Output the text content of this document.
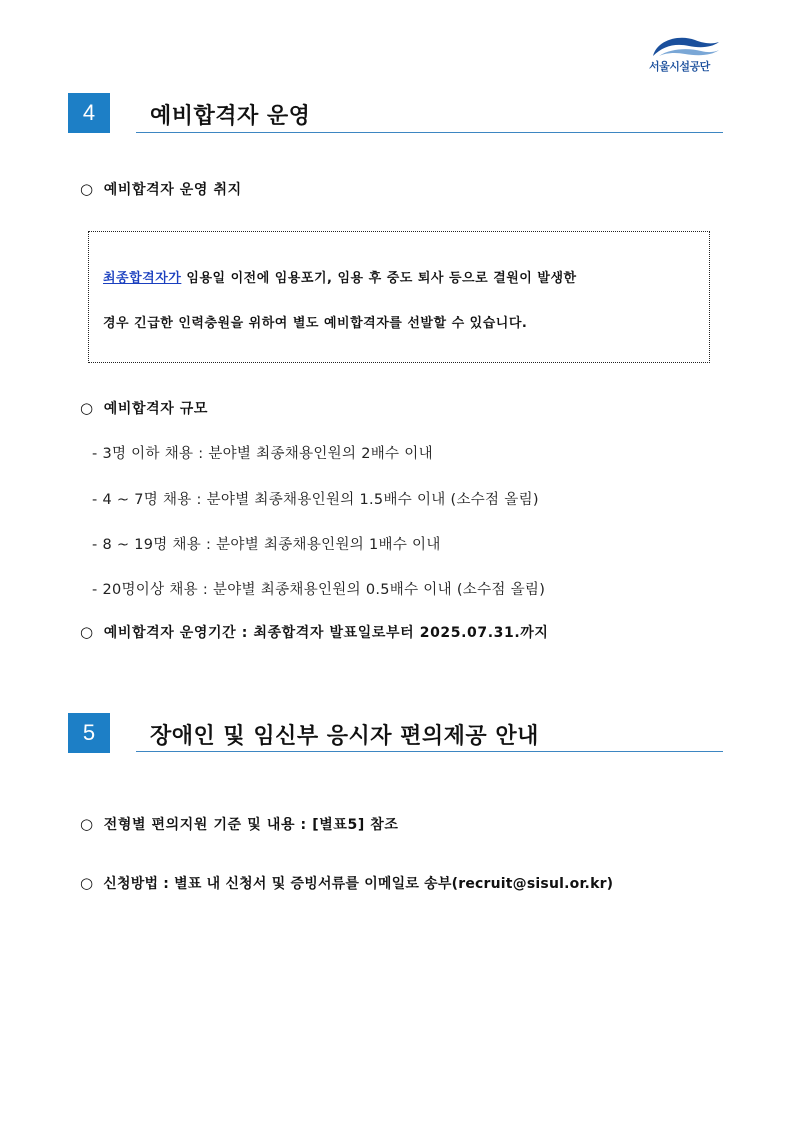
서울시설공단
4	예비합격자 운영
○ 예비합격자 운영 취지
최종합격자가 임용일 이전에 임용포기, 임용 후 중도 퇴사 등으로 결원이 발생한
경우 긴급한 인력충원을 위하여 별도 예비합격자를 선발할 수 있습니다.
○ 예비합격자 규모
- 3명 이하 채용 : 분야별 최종채용인원의 2배수 이내
- 4 ~ 7명 채용 : 분야별 최종채용인원의 1.5배수 이내 (소수점 올림)
- 8 ~ 19명 채용 : 분야별 최종채용인원의 1배수 이내
- 20명이상 채용 : 분야별 최종채용인원의 0.5배수 이내 (소수점 올림)
○ 예비합격자 운영기간 : 최종합격자 발표일로부터 2025.07.31.까지
5	장애인 및 임신부 응시자 편의제공 안내
○ 전형별 편의지원 기준 및 내용 : [별표5] 참조
○ 신청방법 : 별표 내 신청서 및 증빙서류를 이메일로 송부(recruit@sisul.or.kr)
